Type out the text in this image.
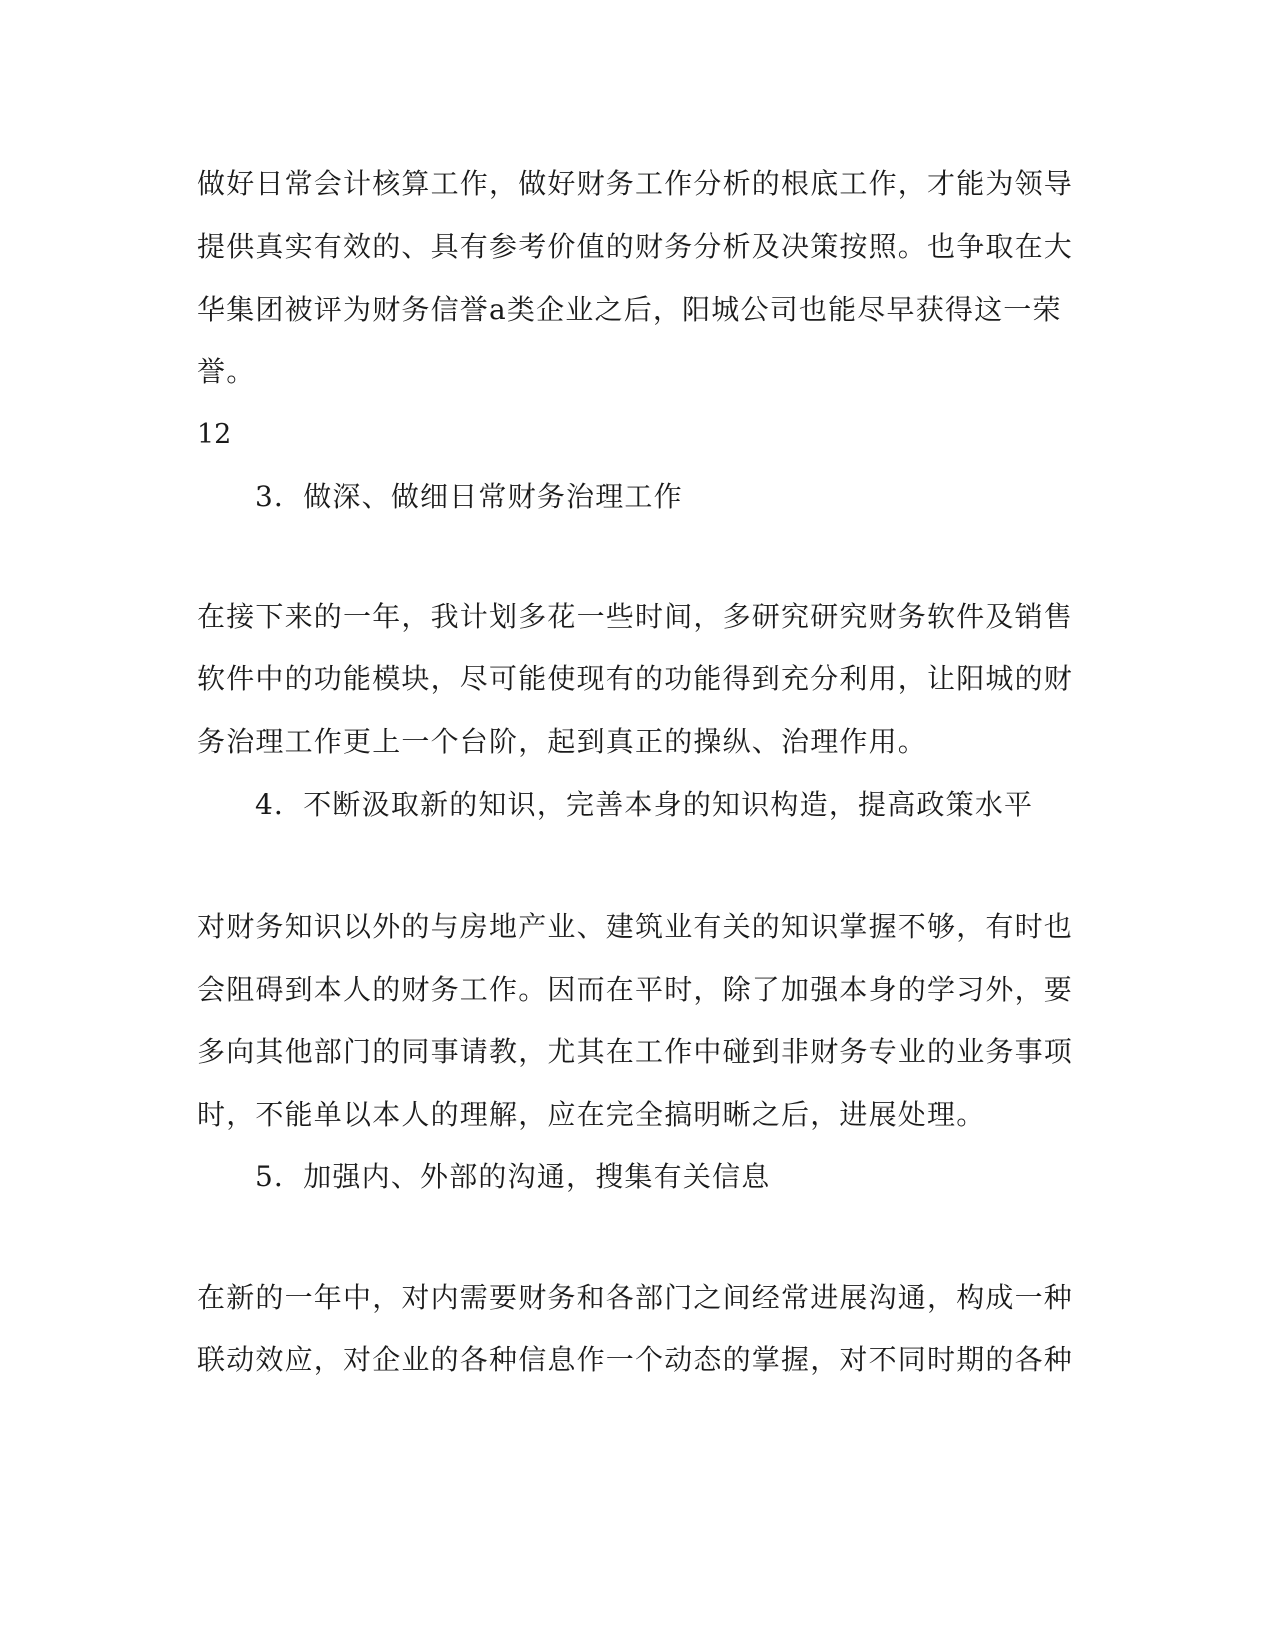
做好日常会计核算工作，做好财务工作分析的根底工作，才能为领导
提供真实有效的、具有参考价值的财务分析及决策按照。也争取在大
华集团被评为财务信誉a类企业之后，阳城公司也能尽早获得这一荣
誉。
12
3．做深、做细日常财务治理工作
在接下来的一年，我计划多花一些时间，多研究研究财务软件及销售
软件中的功能模块，尽可能使现有的功能得到充分利用，让阳城的财
务治理工作更上一个台阶，起到真正的操纵、治理作用。
4．不断汲取新的知识，完善本身的知识构造，提高政策水平
对财务知识以外的与房地产业、建筑业有关的知识掌握不够，有时也
会阻碍到本人的财务工作。因而在平时，除了加强本身的学习外，要
多向其他部门的同事请教，尤其在工作中碰到非财务专业的业务事项
时，不能单以本人的理解，应在完全搞明晰之后，进展处理。
5．加强内、外部的沟通，搜集有关信息
在新的一年中，对内需要财务和各部门之间经常进展沟通，构成一种
联动效应，对企业的各种信息作一个动态的掌握，对不同时期的各种
